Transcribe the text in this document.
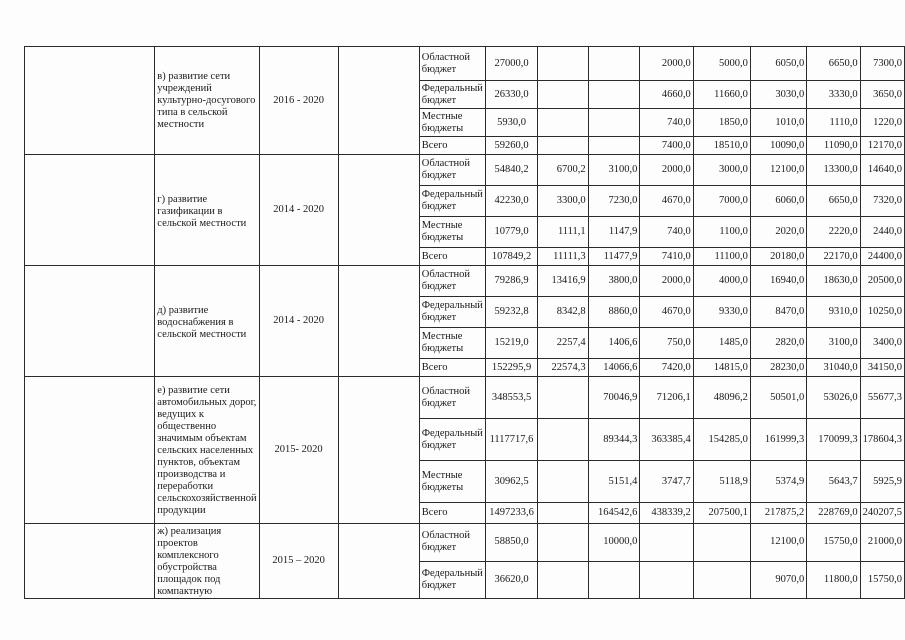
	в) развитие сети учреждений культурно-досугового типа в сельской местности	2016 - 2020		Областной бюджет	27000,0			2000,0	5000,0	6050,0	6650,0	7300,0
				Федеральный бюджет	26330,0			4660,0	11660,0	3030,0	3330,0	3650,0
				Местные бюджеты	5930,0			740,0	1850,0	1010,0	1110,0	1220,0
				Всего	59260,0			7400,0	18510,0	10090,0	11090,0	12170,0
	г) развитие газификации в сельской местности	2014 - 2020		Областной бюджет	54840,2	6700,2	3100,0	2000,0	3000,0	12100,0	13300,0	14640,0
				Федеральный бюджет	42230,0	3300,0	7230,0	4670,0	7000,0	6060,0	6650,0	7320,0
				Местные бюджеты	10779,0	1111,1	1147,9	740,0	1100,0	2020,0	2220,0	2440,0
				Всего	107849,2	11111,3	11477,9	7410,0	11100,0	20180,0	22170,0	24400,0
	д) развитие водоснабжения в сельской местности	2014 - 2020		Областной бюджет	79286,9	13416,9	3800,0	2000,0	4000,0	16940,0	18630,0	20500,0
				Федеральный бюджет	59232,8	8342,8	8860,0	4670,0	9330,0	8470,0	9310,0	10250,0
				Местные бюджеты	15219,0	2257,4	1406,6	750,0	1485,0	2820,0	3100,0	3400,0
				Всего	152295,9	22574,3	14066,6	7420,0	14815,0	28230,0	31040,0	34150,0
	е) развитие сети автомобильных дорог, ведущих к общественно значимым объектам сельских населенных пунктов, объектам производства и переработки сельскохозяйственной продукции	2015- 2020		Областной бюджет	348553,5		70046,9	71206,1	48096,2	50501,0	53026,0	55677,3
				Федеральный бюджет	1117717,6		89344,3	363385,4	154285,0	161999,3	170099,3	178604,3
				Местные бюджеты	30962,5		5151,4	3747,7	5118,9	5374,9	5643,7	5925,9
				Всего	1497233,6		164542,6	438339,2	207500,1	217875,2	228769,0	240207,5
	ж) реализация проектов комплексного обустройства площадок под компактную	2015 – 2020		Областной бюджет	58850,0		10000,0			12100,0	15750,0	21000,0
				Федеральный бюджет	36620,0					9070,0	11800,0	15750,0
